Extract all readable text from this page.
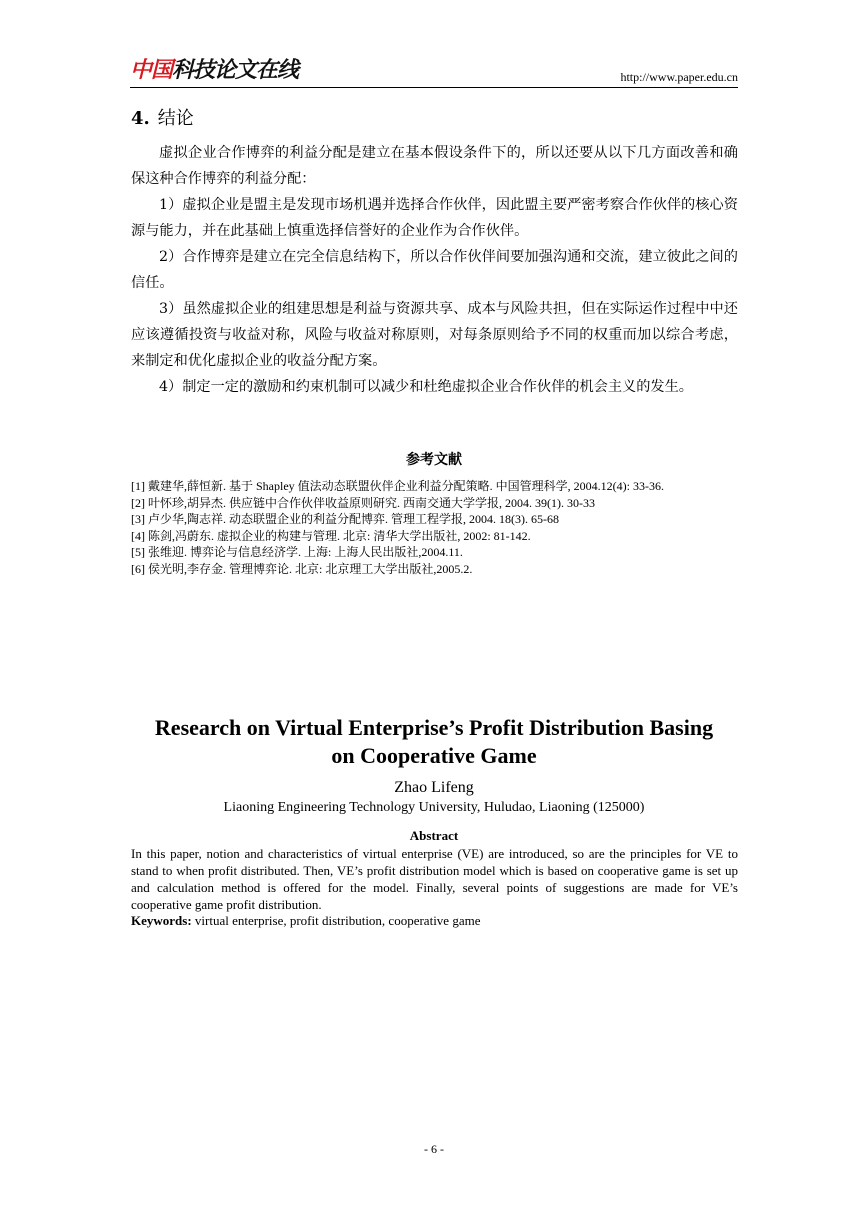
中国科技论文在线	http://www.paper.edu.cn
4. 结论

虚拟企业合作博弈的利益分配是建立在基本假设条件下的，所以还要从以下几方面改善和确保这种合作博弈的利益分配：

1）虚拟企业是盟主是发现市场机遇并选择合作伙伴，因此盟主要严密考察合作伙伴的核心资源与能力，并在此基础上慎重选择信誉好的企业作为合作伙伴。

2）合作博弈是建立在完全信息结构下，所以合作伙伴间要加强沟通和交流，建立彼此之间的信任。

3）虽然虚拟企业的组建思想是利益与资源共享、成本与风险共担，但在实际运作过程中中还应该遵循投资与收益对称，风险与收益对称原则，对每条原则给予不同的权重而加以综合考虑，来制定和优化虚拟企业的收益分配方案。

4）制定一定的激励和约束机制可以减少和杜绝虚拟企业合作伙伴的机会主义的发生。

参考文献

[1] 戴建华,薛恒新. 基于 Shapley 值法动态联盟伙伴企业利益分配策略. 中国管理科学, 2004.12(4): 33-36.

[2] 叶怀珍,胡异杰. 供应链中合作伙伴收益原则研究. 西南交通大学学报, 2004. 39(1). 30-33

[3] 卢少华,陶志祥. 动态联盟企业的利益分配博弈. 管理工程学报, 2004. 18(3). 65-68

[4] 陈剑,冯蔚东. 虚拟企业的构建与管理. 北京: 清华大学出版社, 2002: 81-142.

[5] 张维迎. 博弈论与信息经济学. 上海: 上海人民出版社,2004.11.

[6] 侯光明,李存金. 管理博弈论. 北京: 北京理工大学出版社,2005.2.

Research on Virtual Enterprise’s Profit Distribution Basing
on Cooperative Game
Zhao Lifeng
Liaoning Engineering Technology University, Huludao, Liaoning (125000)
Abstract
In this paper, notion and characteristics of virtual enterprise (VE) are introduced, so are the principles for VE to stand to when profit distributed. Then, VE’s profit distribution model which is based on cooperative game is set up and calculation method is offered for the model. Finally, several points of suggestions are made for VE’s cooperative game profit distribution.
Keywords: virtual enterprise, profit distribution, cooperative game
- 6 -
